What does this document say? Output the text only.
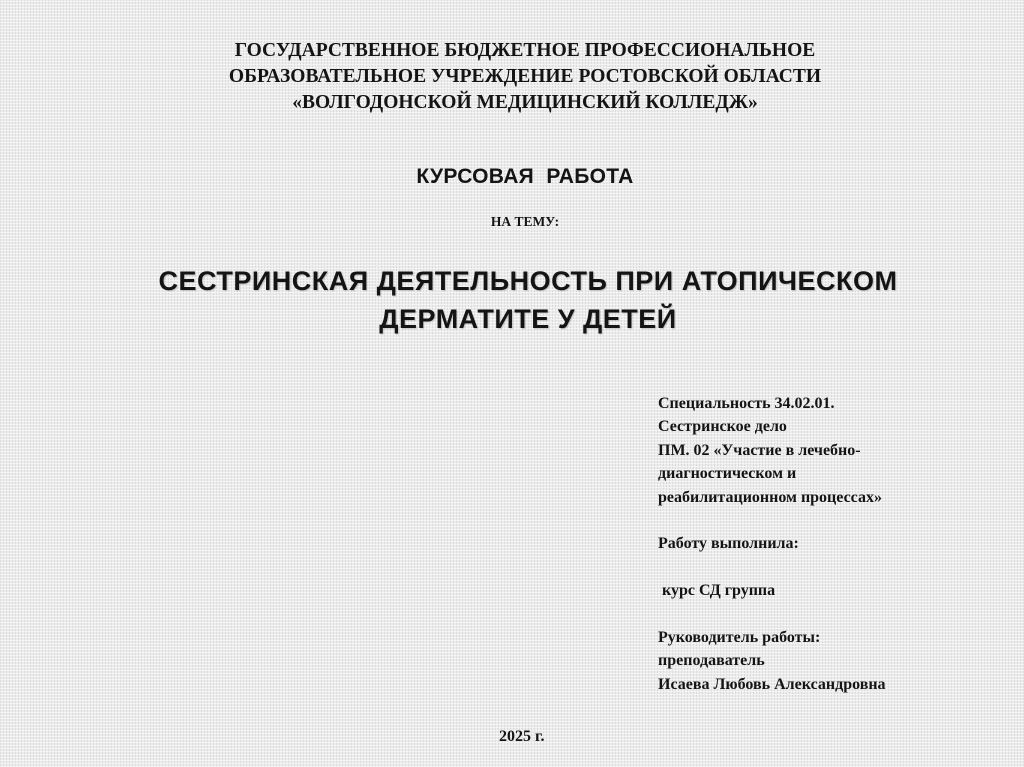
ГОСУДАРСТВЕННОЕ БЮДЖЕТНОЕ ПРОФЕССИОНАЛЬНОЕ
ОБРАЗОВАТЕЛЬНОЕ УЧРЕЖДЕНИЕ РОСТОВСКОЙ ОБЛАСТИ
«ВОЛГОДОНСКОЙ МЕДИЦИНСКИЙ КОЛЛЕДЖ»
КУРСОВАЯ  РАБОТА
НА ТЕМУ:
СЕСТРИНСКАЯ ДЕЯТЕЛЬНОСТЬ ПРИ АТОПИЧЕСКОМ
ДЕРМАТИТЕ У ДЕТЕЙ
Специальность 34.02.01.
Сестринское дело
ПМ. 02 «Участие в лечебно-
диагностическом и
реабилитационном процессах»
Работу выполнила:
курс СД группа
Руководитель работы:
преподаватель
Исаева Любовь Александровна
2025 г.
